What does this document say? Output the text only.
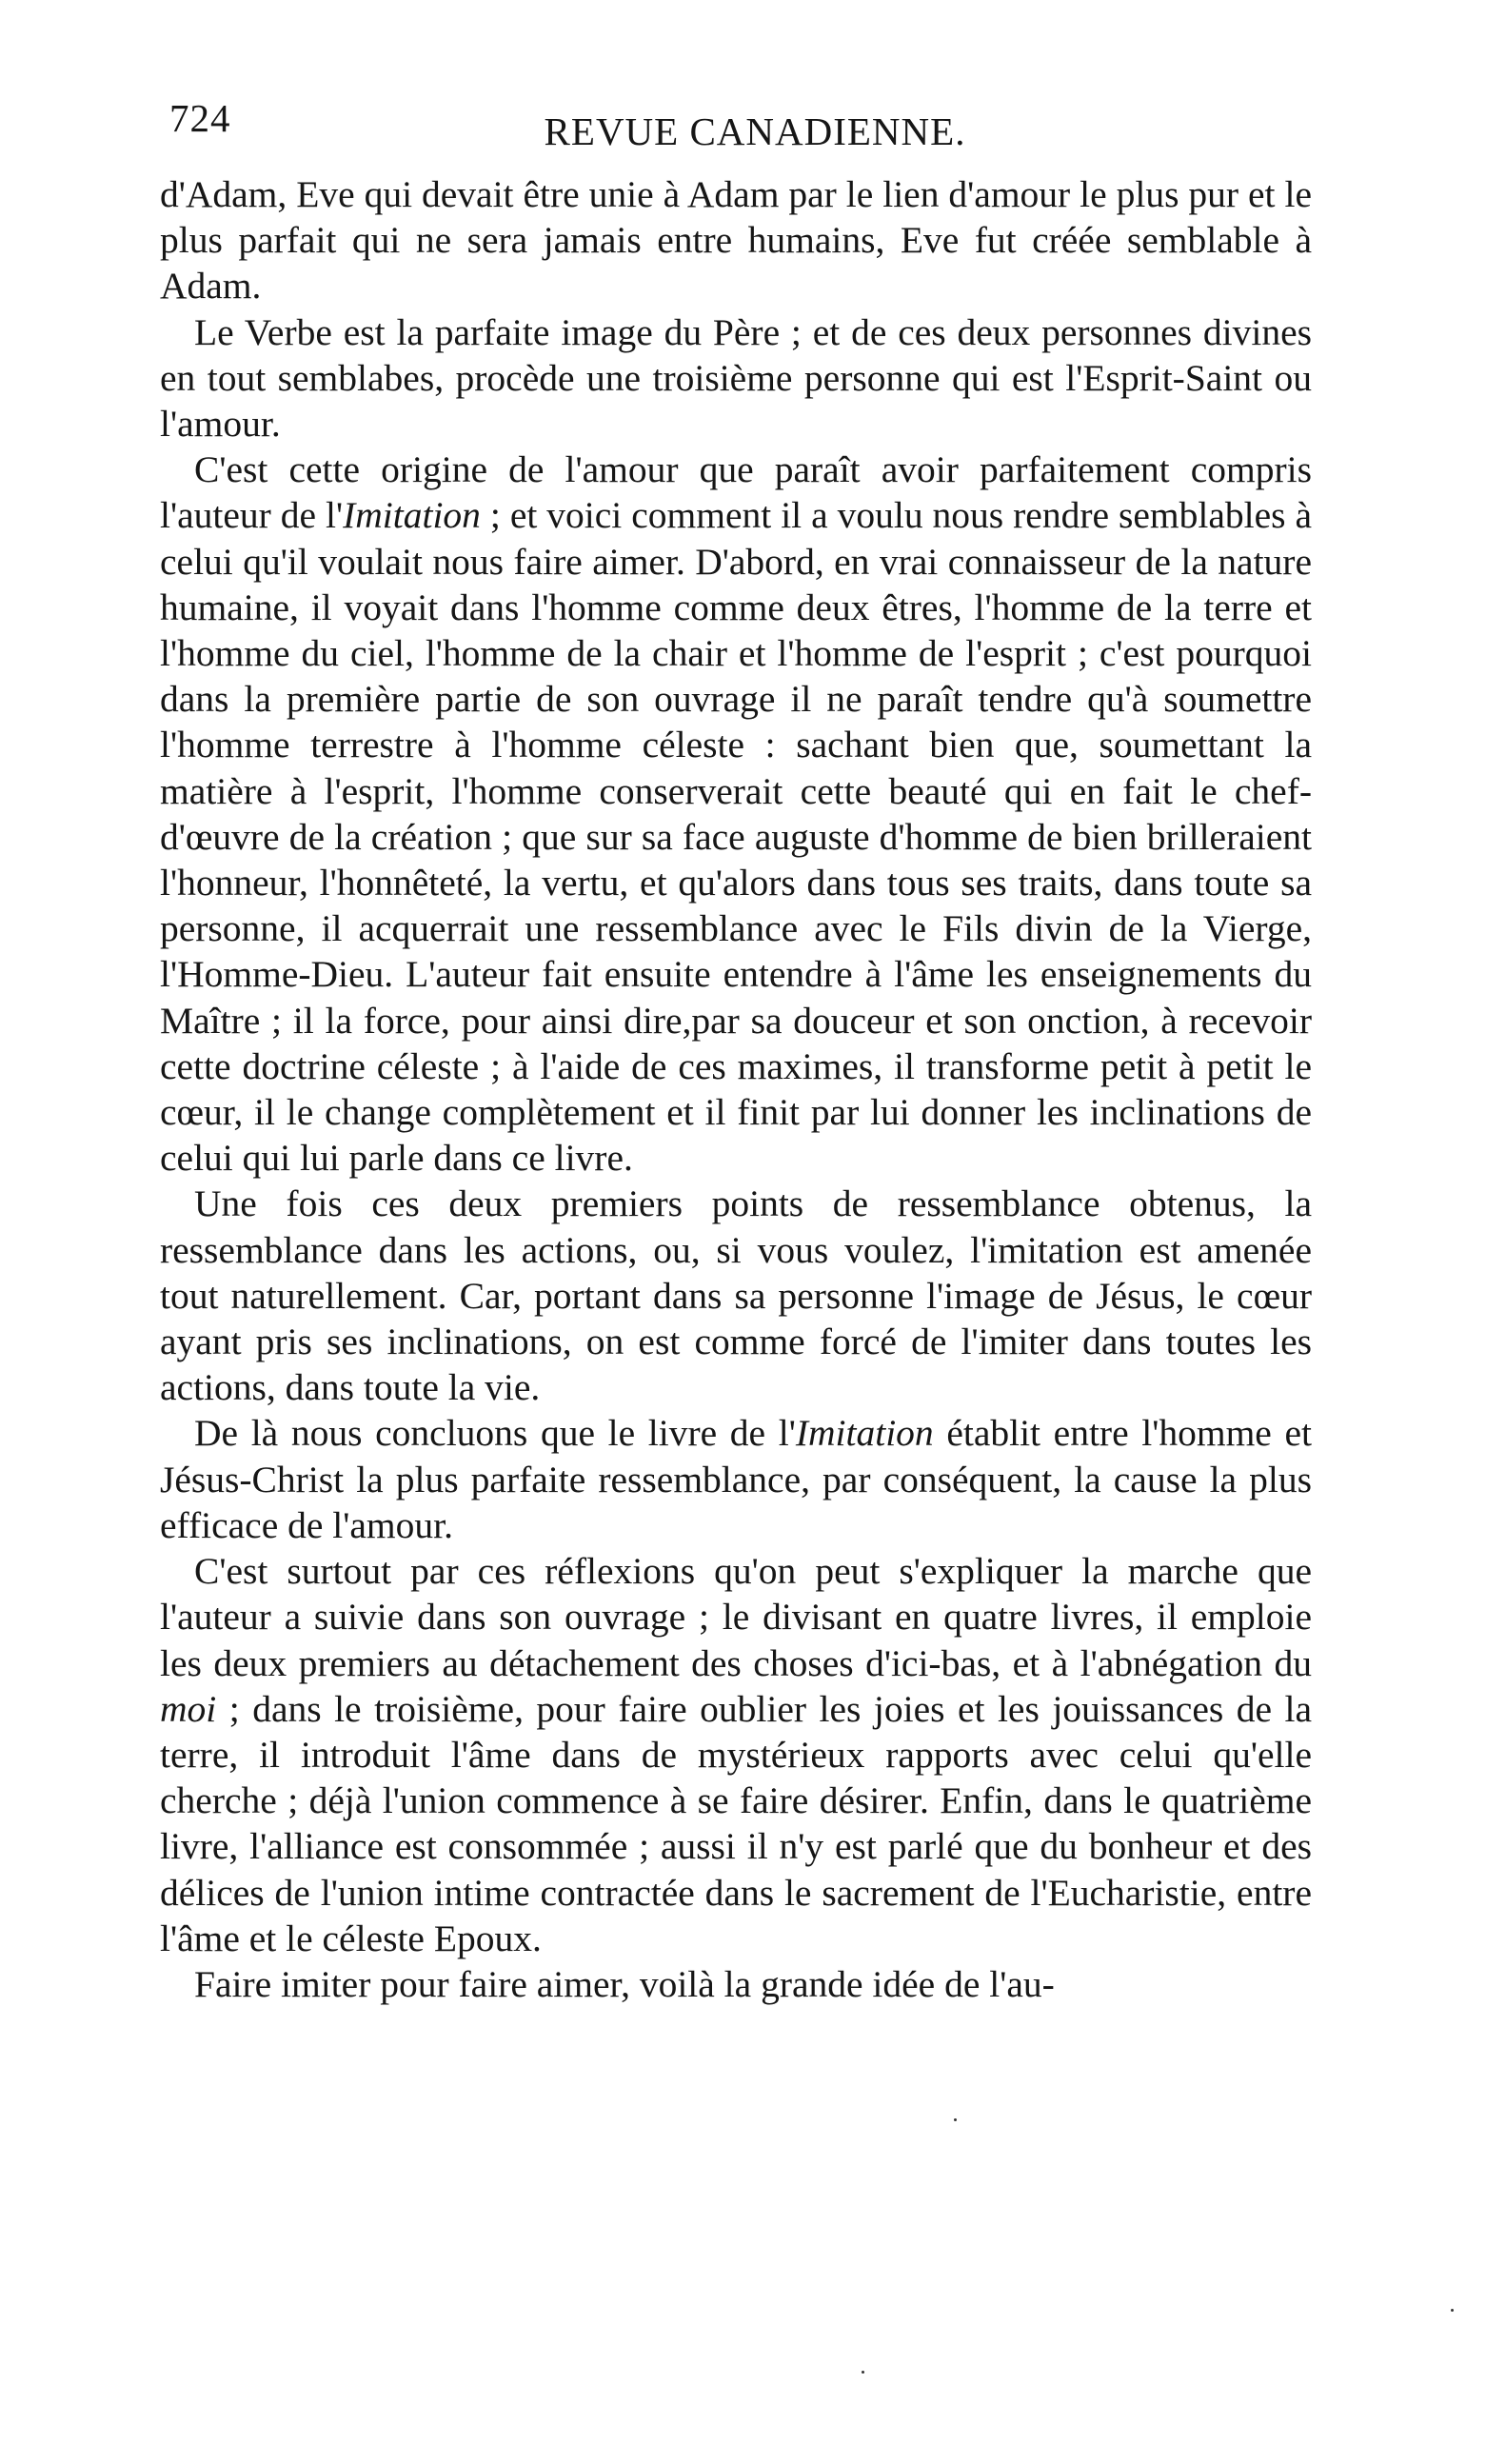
724	REVUE CANADIENNE.

d'Adam, Eve qui devait être unie à Adam par le lien d'amour le plus pur et le plus parfait qui ne sera jamais entre humains, Eve fut créée semblable à Adam.

Le Verbe est la parfaite image du Père ; et de ces deux personnes divines en tout semblabes, procède une troisième personne qui est l'Esprit-Saint ou l'amour.

C'est cette origine de l'amour que paraît avoir parfaitement compris l'auteur de l'Imitation ; et voici comment il a voulu nous rendre semblables à celui qu'il voulait nous faire aimer. D'abord, en vrai connaisseur de la nature humaine, il voyait dans l'homme comme deux êtres, l'homme de la terre et l'homme du ciel, l'homme de la chair et l'homme de l'esprit ; c'est pourquoi dans la première partie de son ouvrage il ne paraît tendre qu'à soumettre l'homme terrestre à l'homme céleste : sachant bien que, soumettant la matière à l'esprit, l'homme conserverait cette beauté qui en fait le chef-d'œuvre de la création ; que sur sa face auguste d'homme de bien brilleraient l'honneur, l'honnêteté, la vertu, et qu'alors dans tous ses traits, dans toute sa personne, il acquerrait une ressemblance avec le Fils divin de la Vierge, l'Homme-Dieu. L'auteur fait ensuite entendre à l'âme les enseignements du Maître ; il la force, pour ainsi dire,par sa douceur et son onction, à recevoir cette doctrine céleste ; à l'aide de ces maximes, il transforme petit à petit le cœur, il le change complètement et il finit par lui donner les inclinations de celui qui lui parle dans ce livre.

Une fois ces deux premiers points de ressemblance obtenus, la ressemblance dans les actions, ou, si vous voulez, l'imitation est amenée tout naturellement. Car, portant dans sa personne l'image de Jésus, le cœur ayant pris ses inclinations, on est comme forcé de l'imiter dans toutes les actions, dans toute la vie.

De là nous concluons que le livre de l'Imitation établit entre l'homme et Jésus-Christ la plus parfaite ressemblance, par conséquent, la cause la plus efficace de l'amour.

C'est surtout par ces réflexions qu'on peut s'expliquer la marche que l'auteur a suivie dans son ouvrage ; le divisant en quatre livres, il emploie les deux premiers au détachement des choses d'ici-bas, et à l'abnégation du moi ; dans le troisième, pour faire oublier les joies et les jouissances de la terre, il introduit l'âme dans de mystérieux rapports avec celui qu'elle cherche ; déjà l'union commence à se faire désirer. Enfin, dans le quatrième livre, l'alliance est consommée ; aussi il n'y est parlé que du bonheur et des délices de l'union intime contractée dans le sacrement de l'Eucharistie, entre l'âme et le céleste Epoux.

Faire imiter pour faire aimer, voilà la grande idée de l'au-
